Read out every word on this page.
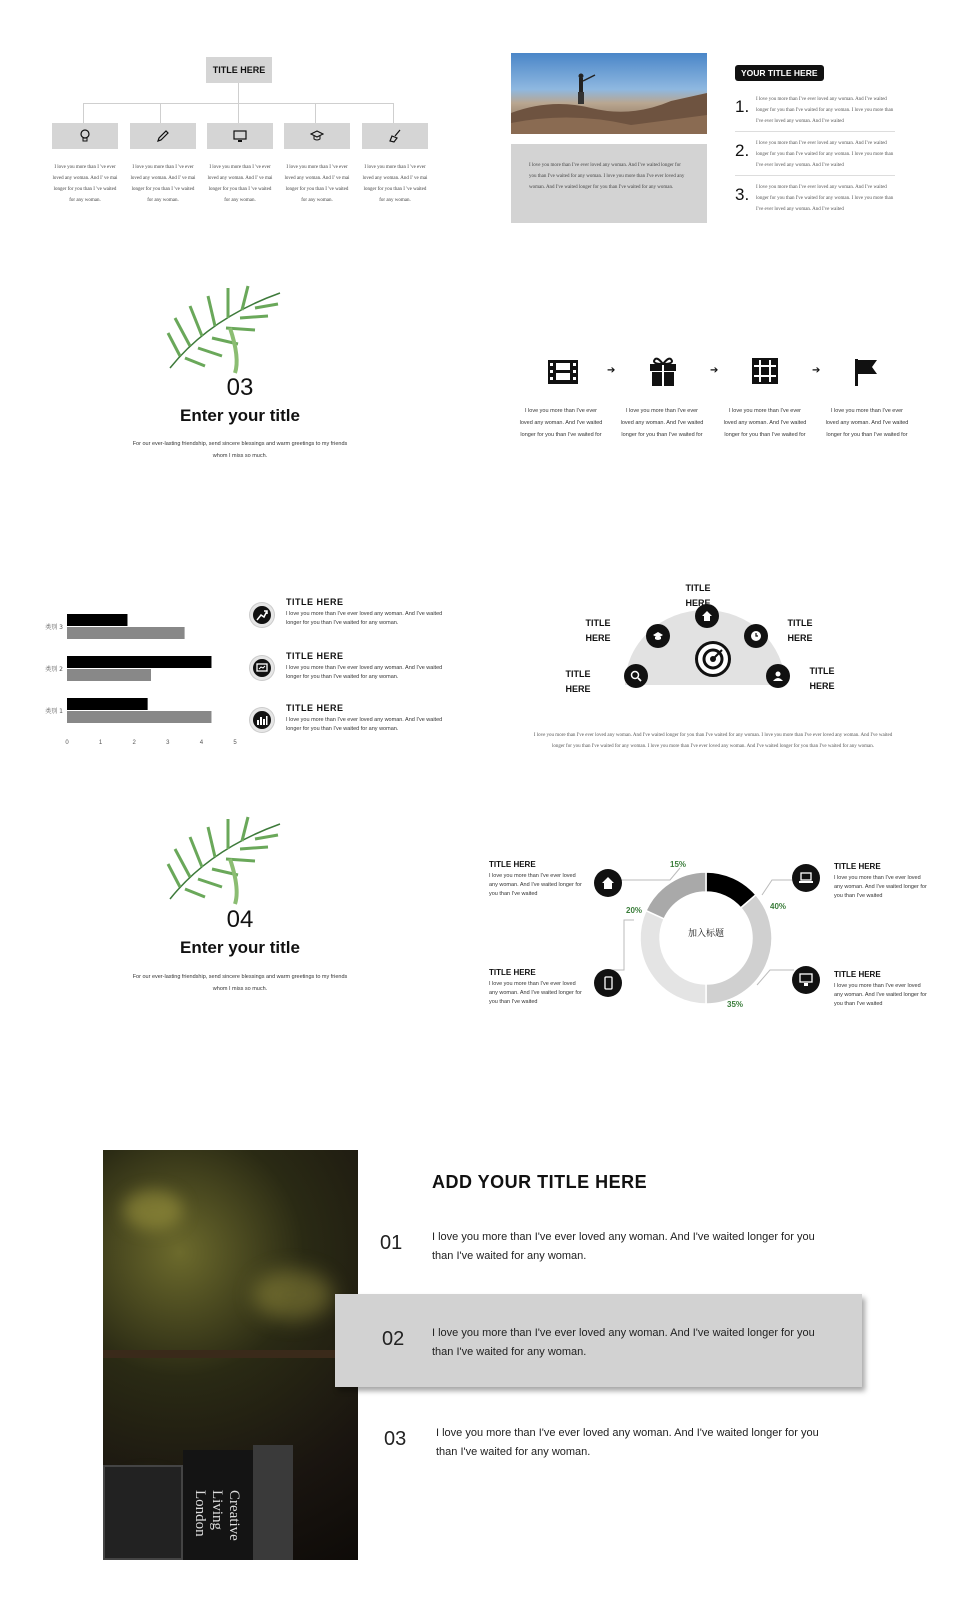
TITLE HERE
I love you more than I 've ever loved any woman. And I' ve mai longer for you than I 've waited for any woman.
I love you more than I 've ever loved any woman. And I' ve mai longer for you than I 've waited for any woman.
I love you more than I 've ever loved any woman. And I' ve mai longer for you than I 've waited for any woman.
I love you more than I 've ever loved any woman. And I' ve mai longer for you than I 've waited for any woman.
I love you more than I 've ever loved any woman. And I' ve mai longer for you than I 've waited for any woman.
I love you more than I've ever loved any woman. And I've waited longer for you than I've waited for any woman. I love you more than I've ever loved any woman. And I've waited longer for you than I've waited for any woman.
YOUR TITLE HERE
1. I love you more than I've ever loved any woman. And I've waited longer for you than I've waited for any woman. I love you more than I've ever loved any woman. And I've waited
2. I love you more than I've ever loved any woman. And I've waited longer for you than I've waited for any woman. I love you more than I've ever loved any woman. And I've waited
3. I love you more than I've ever loved any woman. And I've waited longer for you than I've waited for any woman. I love you more than I've ever loved any woman. And I've waited
03
Enter your title
For our ever-lasting friendship, send sincere blessings and warm greetings to my friends whom I miss so much.
➔	➔	➔
I love you more than I've ever loved any woman. And I've waited longer for you than I've waited for
I love you more than I've ever loved any woman. And I've waited longer for you than I've waited for
I love you more than I've ever loved any woman. And I've waited longer for you than I've waited for
I love you more than I've ever loved any woman. And I've waited longer for you than I've waited for
类别 1
类别 2
类别 3
0	1	2	3	4	5
TITLE HERE
I love you more than I've ever loved any woman. And I've waited longer for you than I've waited for any woman.
TITLE HERE
I love you more than I've ever loved any woman. And I've waited longer for you than I've waited for any woman.
TITLE HERE
I love you more than I've ever loved any woman. And I've waited longer for you than I've waited for any woman.
TITLE HERE
TITLE HERE
TITLE HERE
TITLE HERE
TITLE HERE
I love you more than I've ever loved any woman. And I've waited longer for you than I've waited for any woman. I love you more than I've ever loved any woman. And I've waited longer for you than I've waited for any woman. I love you more than I've ever loved any woman. And I've waited longer for you than I've waited for any woman.
04
Enter your title
For our ever-lasting friendship, send sincere blessings and warm greetings to my friends whom I miss so much.
加入标题
15%
40%
35%
20%
TITLE HERE
I love you more than I've ever loved any woman. And I've waited longer for you than I've waited
TITLE HERE
I love you more than I've ever loved any woman. And I've waited longer for you than I've waited
TITLE HERE
I love you more than I've ever loved any woman. And I've waited longer for you than I've waited
TITLE HERE
I love you more than I've ever loved any woman. And I've waited longer for you than I've waited
Creative Living London
ADD YOUR TITLE HERE
01	I love you more than I've ever loved any woman. And I've waited longer for you than I've waited for any woman.
02	I love you more than I've ever loved any woman. And I've waited longer for you than I've waited for any woman.
03	I love you more than I've ever loved any woman. And I've waited longer for you than I've waited for any woman.
